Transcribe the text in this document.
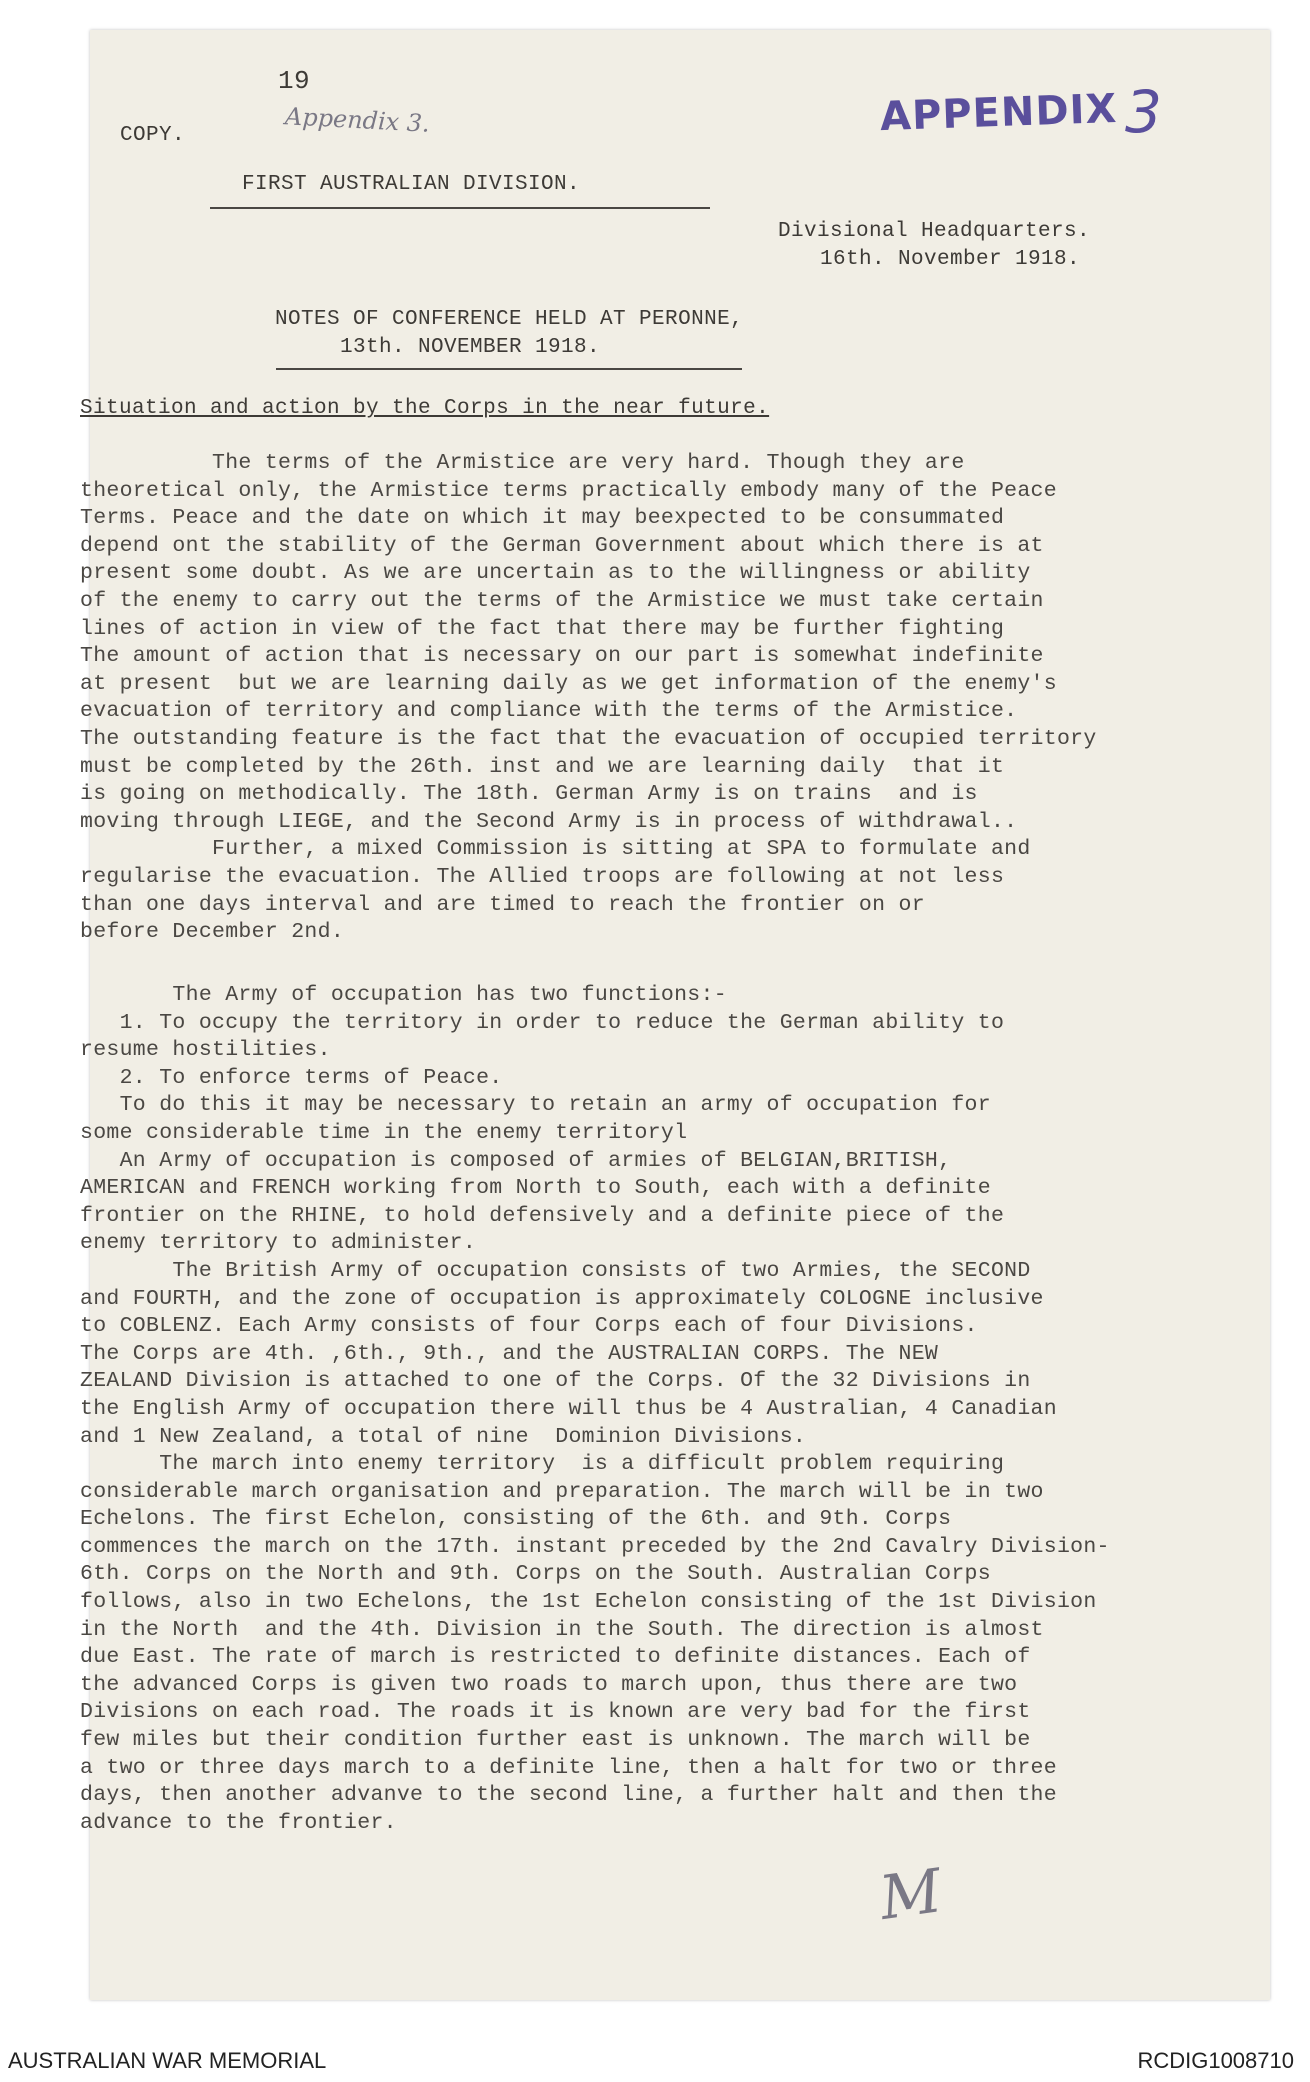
19
COPY.	Appendix 3.	APPENDIX 3
FIRST AUSTRALIAN DIVISION.
Divisional Headquarters.
16th. November 1918.
NOTES OF CONFERENCE HELD AT PERONNE,
13th. NOVEMBER 1918.
Situation and action by the Corps in the near future.

The terms of the Armistice are very hard. Though they are

theoretical only, the Armistice terms practically embody many of the Peace

Terms. Peace and the date on which it may beexpected to be consummated

depend ont the stability of the German Government about which there is at

present some doubt. As we are uncertain as to the willingness or ability

of the enemy to carry out the terms of the Armistice we must take certain

lines of action in view of the fact that there may be further fighting

The amount of action that is necessary on our part is somewhat indefinite

at present  but we are learning daily as we get information of the enemy's

evacuation of territory and compliance with the terms of the Armistice.

The outstanding feature is the fact that the evacuation of occupied territory

must be completed by the 26th. inst and we are learning daily  that it

is going on methodically. The 18th. German Army is on trains  and is

moving through LIEGE, and the Second Army is in process of withdrawal..

Further, a mixed Commission is sitting at SPA to formulate and

regularise the evacuation. The Allied troops are following at not less

than one days interval and are timed to reach the frontier on or

before December 2nd.

The Army of occupation has two functions:-

1. To occupy the territory in order to reduce the German ability to

resume hostilities.

2. To enforce terms of Peace.

To do this it may be necessary to retain an army of occupation for

some considerable time in the enemy territoryl

An Army of occupation is composed of armies of BELGIAN,BRITISH,

AMERICAN and FRENCH working from North to South, each with a definite

frontier on the RHINE, to hold defensively and a definite piece of the

enemy territory to administer.

The British Army of occupation consists of two Armies, the SECOND

and FOURTH, and the zone of occupation is approximately COLOGNE inclusive

to COBLENZ. Each Army consists of four Corps each of four Divisions.

The Corps are 4th. ,6th., 9th., and the AUSTRALIAN CORPS. The NEW

ZEALAND Division is attached to one of the Corps. Of the 32 Divisions in

the English Army of occupation there will thus be 4 Australian, 4 Canadian

and 1 New Zealand, a total of nine  Dominion Divisions.

The march into enemy territory  is a difficult problem requiring

considerable march organisation and preparation. The march will be in two

Echelons. The first Echelon, consisting of the 6th. and 9th. Corps

commences the march on the 17th. instant preceded by the 2nd Cavalry Division-

6th. Corps on the North and 9th. Corps on the South. Australian Corps

follows, also in two Echelons, the 1st Echelon consisting of the 1st Division

in the North  and the 4th. Division in the South. The direction is almost

due East. The rate of march is restricted to definite distances. Each of

the advanced Corps is given two roads to march upon, thus there are two

Divisions on each road. The roads it is known are very bad for the first

few miles but their condition further east is unknown. The march will be

a two or three days march to a definite line, then a halt for two or three

days, then another advanve to the second line, a further halt and then the

advance to the frontier.

M
AUSTRALIAN WAR MEMORIAL	RCDIG1008710
